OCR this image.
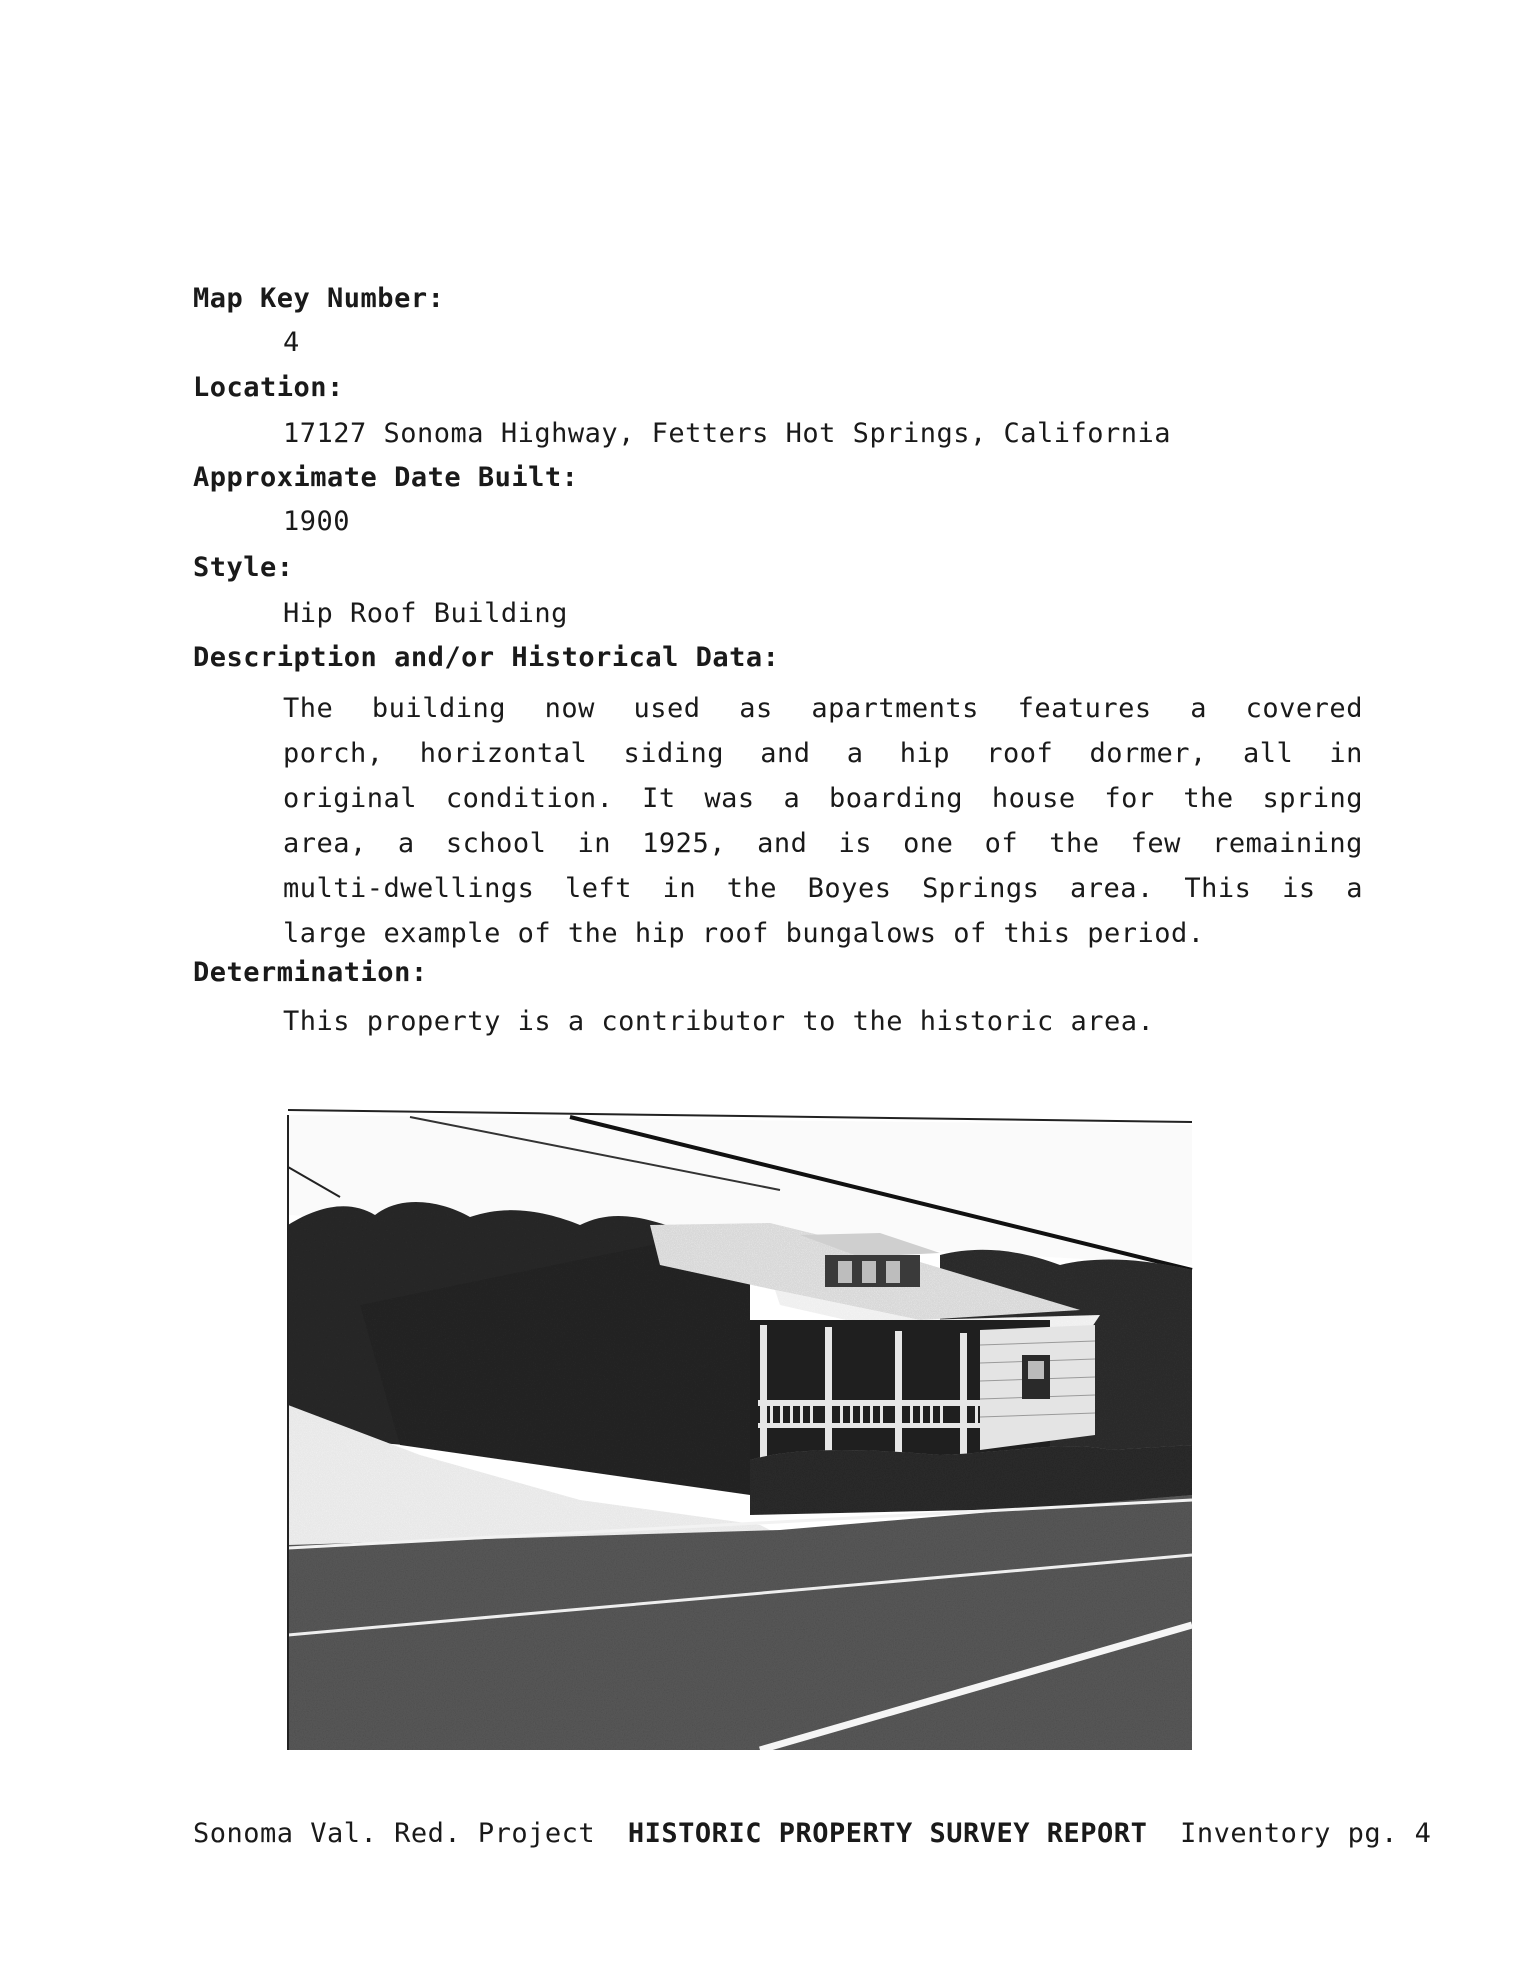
Map Key Number:
4
Location:
17127 Sonoma Highway, Fetters Hot Springs, California
Approximate Date Built:
1900
Style:
Hip Roof Building
Description and/or Historical Data:
The building now used as apartments features a covered
porch, horizontal siding and a hip roof dormer, all in
original condition. It was a boarding house for the spring
area, a school in 1925, and is one of the few remaining
multi-dwellings left in the Boyes Springs area. This is a
large example of the hip roof bungalows of this period.
Determination:
This property is a contributor to the historic area.
Sonoma Val. Red. Project HISTORIC PROPERTY SURVEY REPORT Inventory pg. 4
